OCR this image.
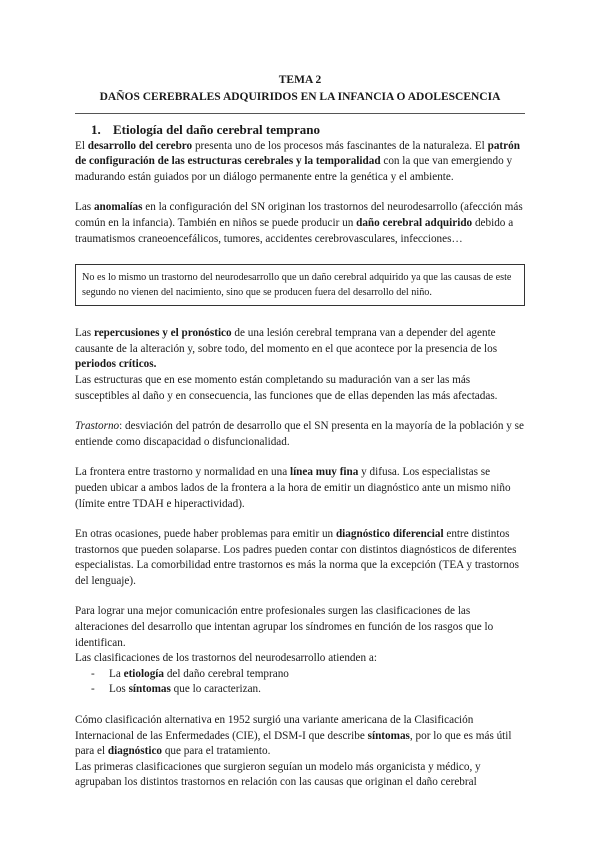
TEMA 2

DAÑOS CEREBRALES ADQUIRIDOS EN LA INFANCIA O ADOLESCENCIA

1. Etiología del daño cerebral temprano

El desarrollo del cerebro presenta uno de los procesos más fascinantes de la naturaleza. El patrón de configuración de las estructuras cerebrales y la temporalidad con la que van emergiendo y madurando están guiados por un diálogo permanente entre la genética y el ambiente.

Las anomalías en la configuración del SN originan los trastornos del neurodesarrollo (afección más común en la infancia). También en niños se puede producir un daño cerebral adquirido debido a traumatismos craneoencefálicos, tumores, accidentes cerebrovasculares, infecciones…

No es lo mismo un trastorno del neurodesarrollo que un daño cerebral adquirido ya que las causas de este segundo no vienen del nacimiento, sino que se producen fuera del desarrollo del niño.

Las repercusiones y el pronóstico de una lesión cerebral temprana van a depender del agente causante de la alteración y, sobre todo, del momento en el que acontece por la presencia de los periodos críticos.

Las estructuras que en ese momento están completando su maduración van a ser las más susceptibles al daño y en consecuencia, las funciones que de ellas dependen las más afectadas.

Trastorno: desviación del patrón de desarrollo que el SN presenta en la mayoría de la población y se entiende como discapacidad o disfuncionalidad.

La frontera entre trastorno y normalidad en una línea muy fina y difusa. Los especialistas se pueden ubicar a ambos lados de la frontera a la hora de emitir un diagnóstico ante un mismo niño (límite entre TDAH e hiperactividad).

En otras ocasiones, puede haber problemas para emitir un diagnóstico diferencial entre distintos trastornos que pueden solaparse. Los padres pueden contar con distintos diagnósticos de diferentes especialistas. La comorbilidad entre trastornos es más la norma que la excepción (TEA y trastornos del lenguaje).

Para lograr una mejor comunicación entre profesionales surgen las clasificaciones de las alteraciones del desarrollo que intentan agrupar los síndromes en función de los rasgos que lo identifican.

Las clasificaciones de los trastornos del neurodesarrollo atienden a:

- La etiología del daño cerebral temprano
- Los síntomas que lo caracterizan.

Cómo clasificación alternativa en 1952 surgió una variante americana de la Clasificación Internacional de las Enfermedades (CIE), el DSM-I que describe síntomas, por lo que es más útil para el diagnóstico que para el tratamiento.

Las primeras clasificaciones que surgieron seguían un modelo más organicista y médico, y agrupaban los distintos trastornos en relación con las causas que originan el daño cerebral
